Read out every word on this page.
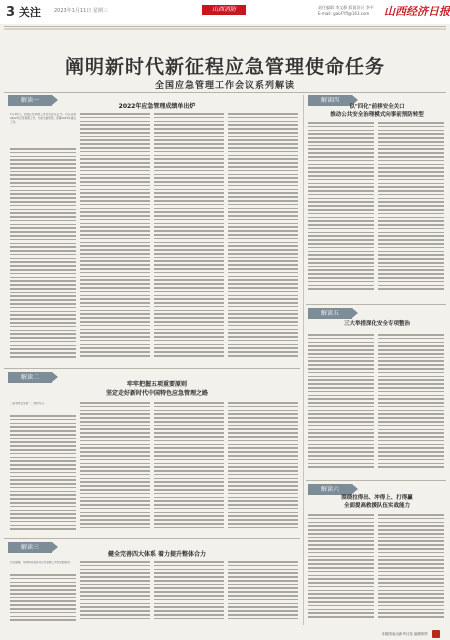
3 关注	2023年1月11日 星期三	山西消防	责任编辑 李文静 版面设计 李平
E-mail: gaoFYfl@163.com	山西经济日报
阐明新时代新征程应急管理使命任务
全国应急管理工作会议系列解读
解读一
2022年应急管理成绩单出炉
1月10日，全国应急管理工作会议在京召开。会议总结2022年应急管理工作，分析当前形势，部署2023年重点工作。
解读二
牢牢把握五项重要原则
坚定走好新时代中国特色应急管理之路
二是坚持安全第一，预防为主。
解读三
健全完善四大体系 着力提升整体合力
会议强调，坚持和完善党对应急管理工作的全面领导。
解读四
以"四化"前移安全关口
推动公共安全治理模式向事前预防转型
解读五
三大举措深化安全专项整治
解读六
围绕拉得出、冲得上、打得赢
全面提高救援队伍实战能力
本版图表由新华社发 编辑制作
